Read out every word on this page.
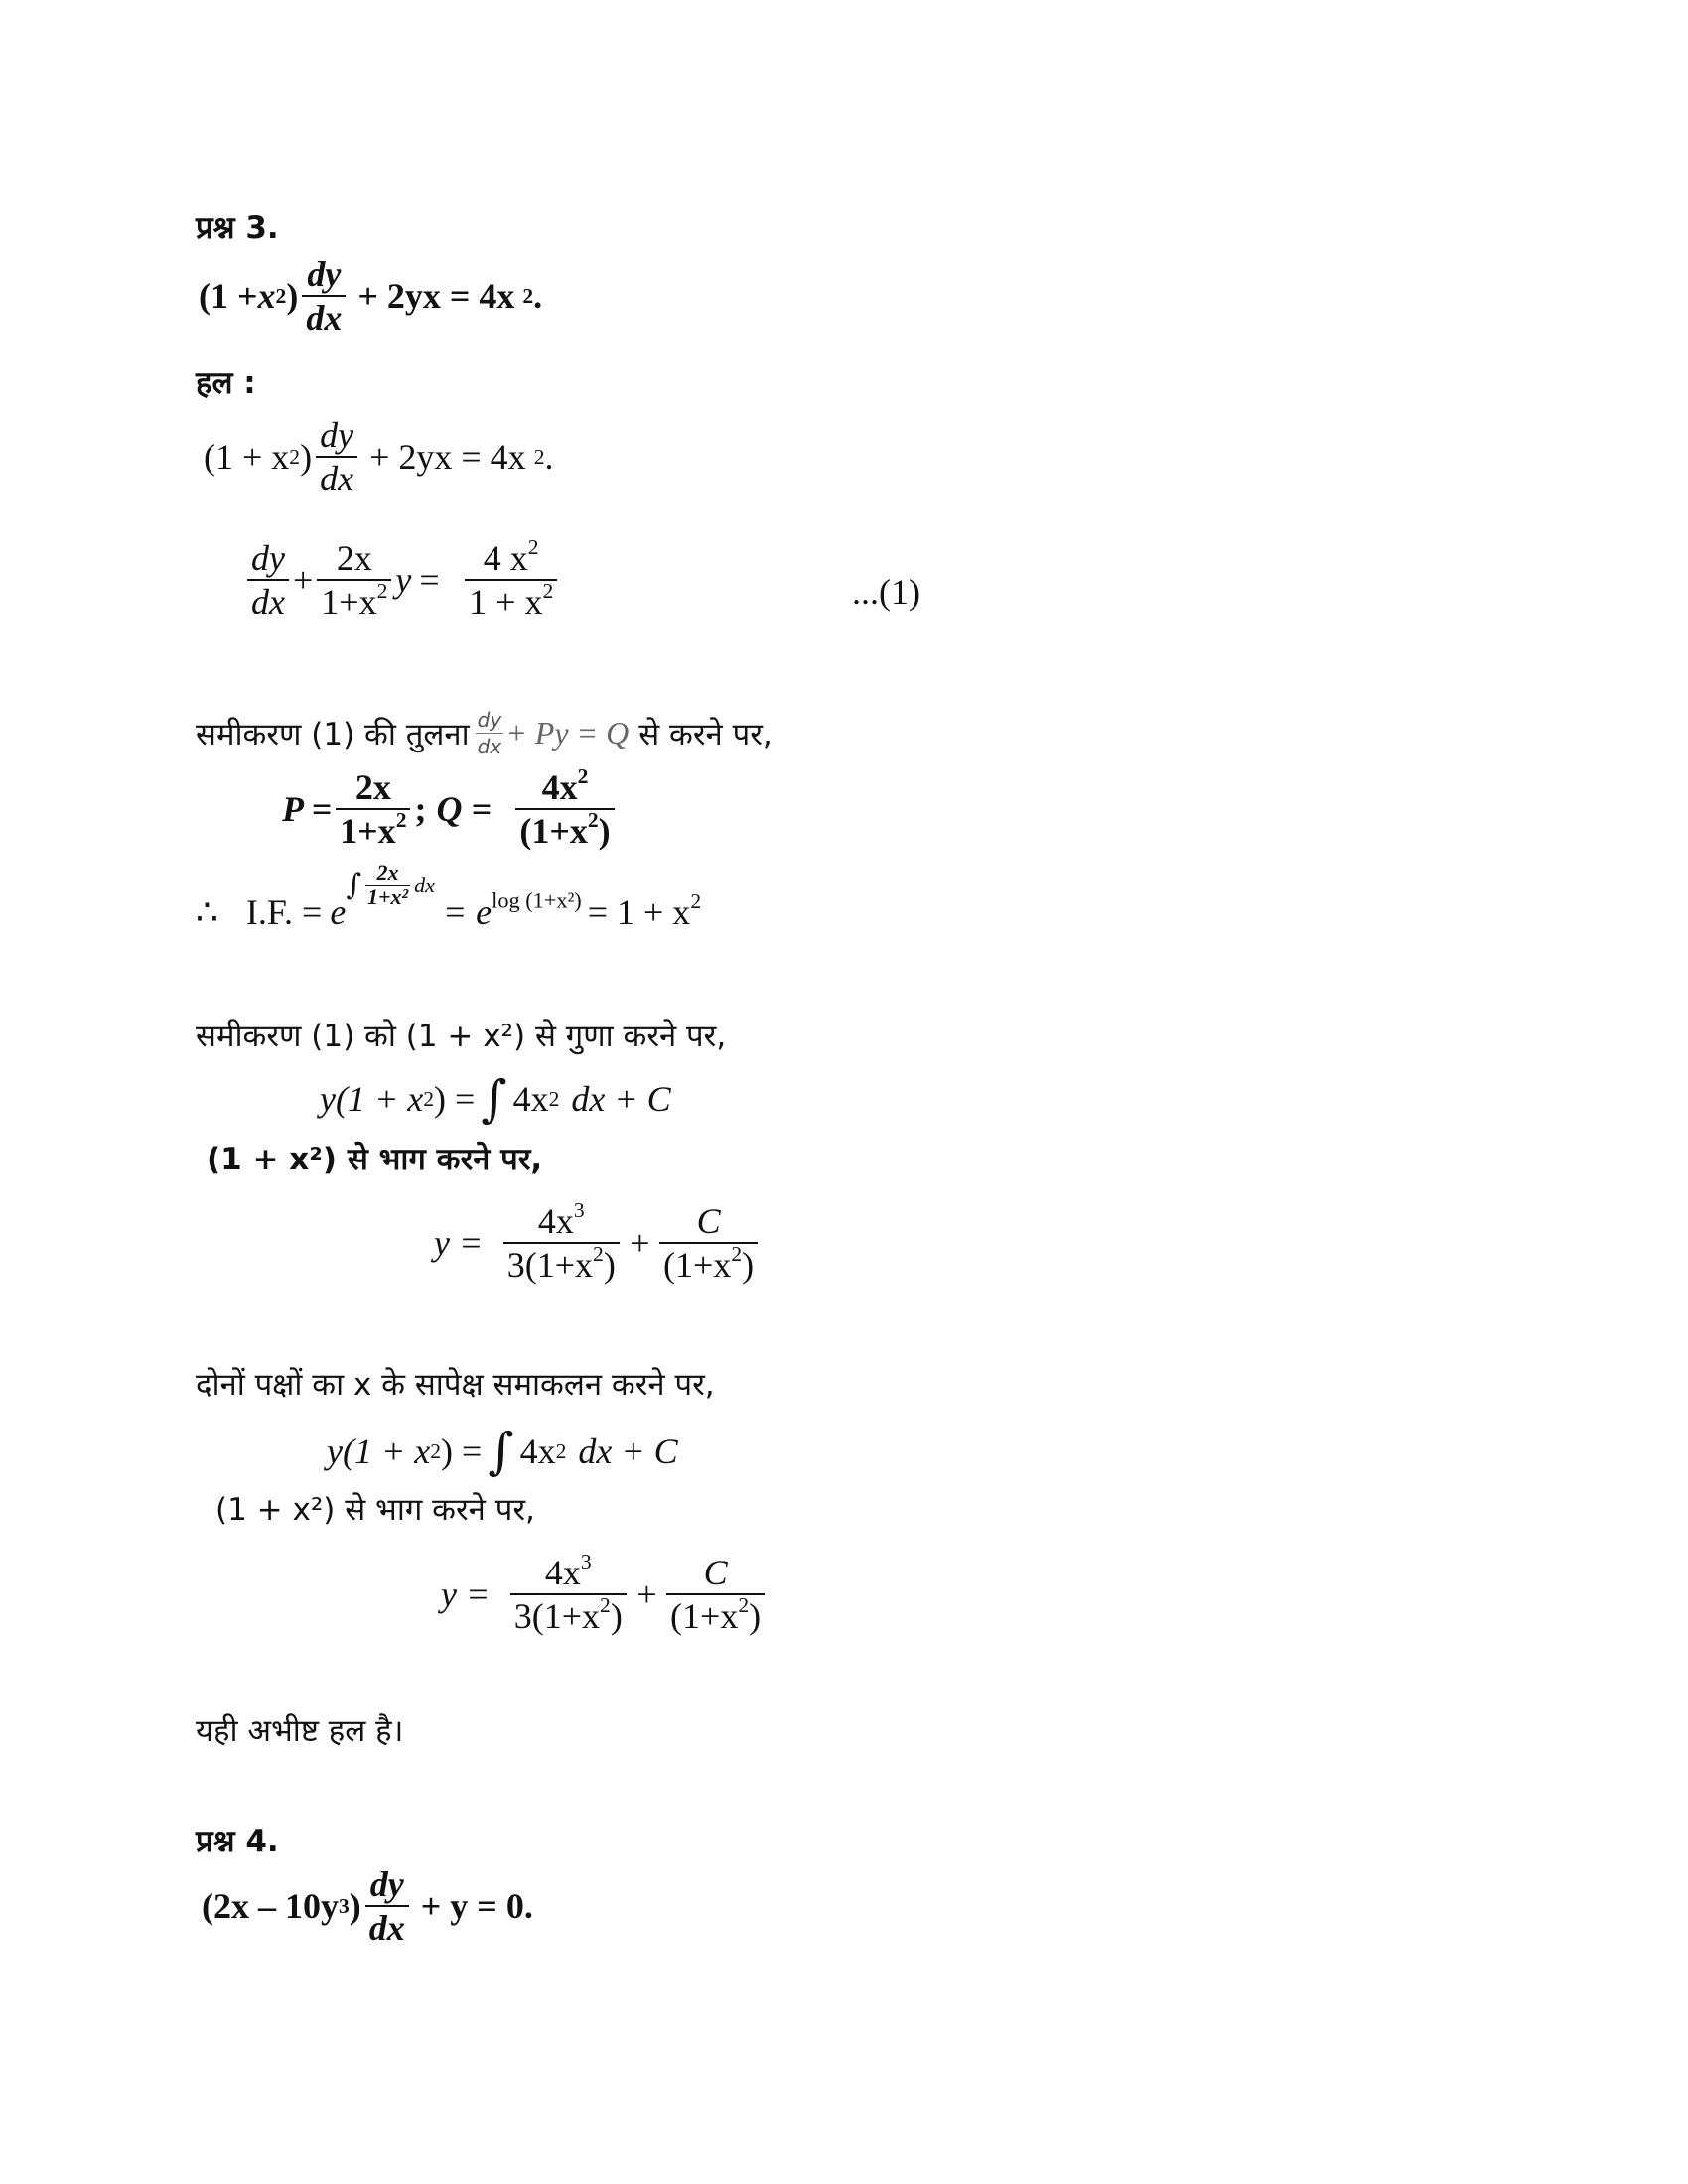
प्रश्न 3.
(1 + x 2 ) $\frac{dy}{dx} + 2yx = 4x$ 2 .
हल :
(1 + x 2 ) $\frac{dy}{dx} + 2yx = 4x$ 2 .
$\frac{dy}{dx} + \frac{2x}{1+x^2}$ $y = \frac{4 x^2}{1 + x^2}$	...(1)
समीकरण (1) की तुलना $\frac{dy}{dx} + Py = Q$ से करने पर,
$P = \frac{2x}{1+x^2}$ ; $Q = \frac{4x^2}{(1+x^2)}$
∴ I.F. = e
∫ $\frac{2x}{\text{1+x²}}$ dx
= $e^{log (1+x^2)} = 1 + x^2$
समीकरण (1) को (1 + x²) से गुणा करने पर,
y(1 + x 2 ) = ∫ 4x 2 dx + C
(1 + x²) से भाग करने पर,
$y = \frac{4x^3}{3(1+x^2)} + \frac{C}{(1+x^2)}$
दोनों पक्षों का x के सापेक्ष समाकलन करने पर,
y(1 + x 2 ) = ∫ 4x 2 dx + C
(1 + x²) से भाग करने पर,
$y = \frac{4x^3}{3(1+x^2)} + \frac{C}{(1+x^2)}$
यही अभीष्ट हल है।
प्रश्न 4.
(2x – 10y 3 ) $\frac{dy}{dx} + y = 0$.
